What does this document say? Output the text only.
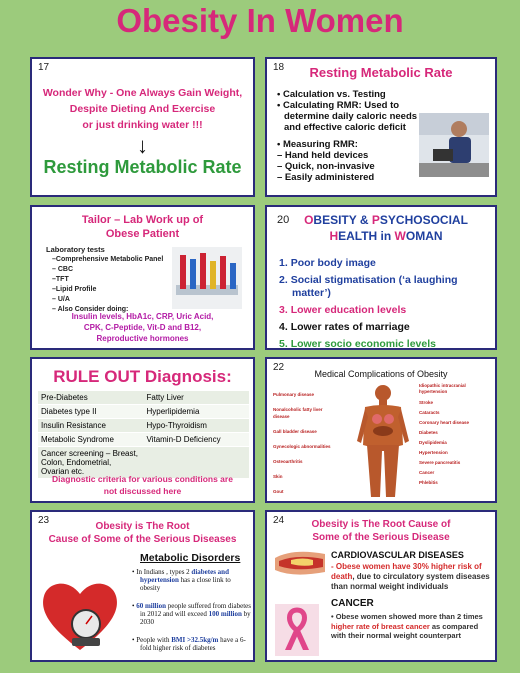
Obesity In Women
17
Wonder Why - One Always Gain Weight,
Despite Dieting And Exercise
or just drinking water !!!
↓
Resting Metabolic Rate
18	Resting Metabolic Rate
• Calculation vs. Testing
• Calculating RMR: Used to
determine daily caloric needs
and effective caloric deficit
• Measuring RMR:
– Hand held devices
– Quick, non-invasive
– Easily administered
Tailor – Lab Work up of
Obese Patient
Laboratory tests
–Comprehensive Metabolic Panel
– CBC
–TFT
–Lipid Profile
– U/A
– Also Consider doing:
Insulin levels, HbA1c, CRP, Uric Acid,
CPK, C-Peptide, Vit-D and B12,
Reproductive hormones
20	OBESITY & PSYCHOSOCIAL
HEALTH in WOMAN
1. Poor body image
2. Social stigmatisation (‘a laughing
matter’)
3. Lower education levels
4. Lower rates of marriage
5. Lower socio economic levels
RULE OUT Diagnosis:
Pre-Diabetes	Fatty Liver
Diabetes type II	Hyperlipidemia
Insulin Resistance	Hypo-Thyroidism
Metabolic Syndrome	Vitamin-D Deficiency
Cancer screening – Breast, Colon, Endometrial, Ovarian etc.	
Diagnostic criteria for various conditions are
not discussed here
22
Medical Complications of Obesity
Pulmonary disease
Nonalcoholic fatty liver disease
Gall bladder disease
Gynecologic abnormalities
Osteoarthritis
Skin
Gout
Idiopathic intracranial hypertension
Stroke
Cataracts
Coronary heart disease
Diabetes
Dyslipidemia
Hypertension
Severe pancreatitis
Cancer
Phlebitis
23
Obesity is The Root
Cause of Some of the Serious Diseases
Metabolic Disorders
• In Indians , types 2 diabetes and hypertension has a close link to obesity
• 60 million people suffered from diabetes in 2012 and will exceed 100 million by 2030
• People with BMI >32.5kg/m have a 6-fold higher risk of diabetes
24	Obesity is The Root Cause of
Some of the Serious Disease
CARDIOVASCULAR DISEASES
- Obese women have 30% higher risk of death, due to circulatory system diseases than normal weight individuals
CANCER
• Obese women showed more than 2 times higher rate of breast cancer as compared with their normal weight counterpart
